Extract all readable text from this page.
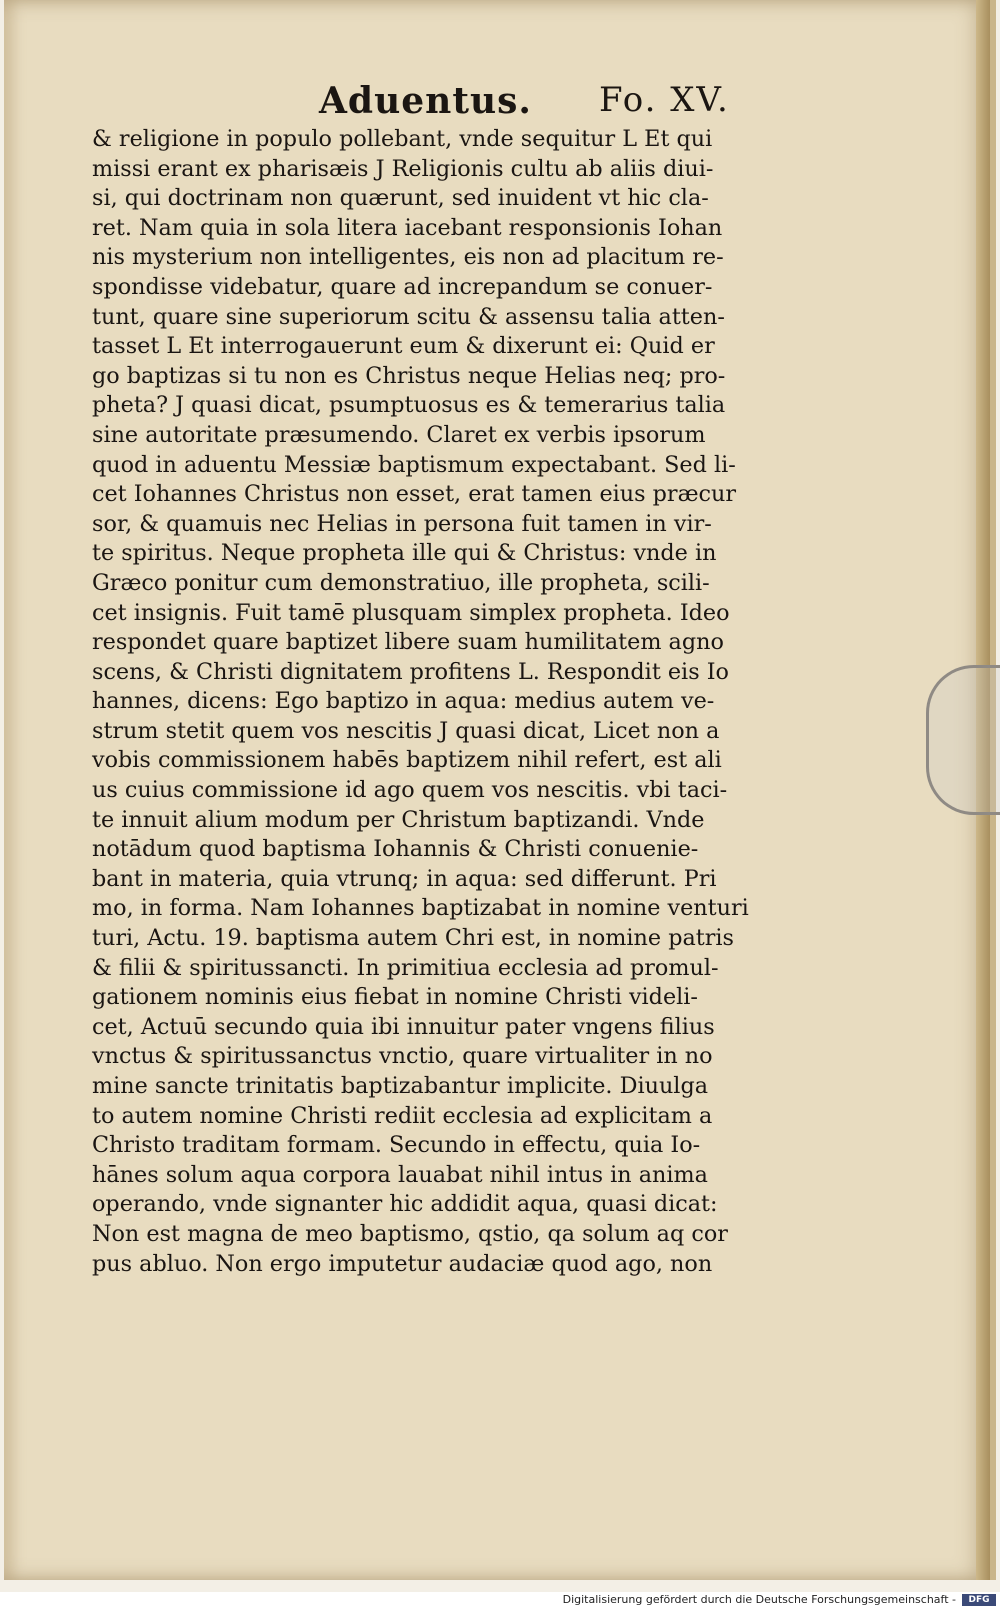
Aduentus. Fo. XV.
& religione in populo pollebant, vnde sequitur L Et qui
missi erant ex pharisæis J Religionis cultu ab aliis diui-
si, qui doctrinam non quærunt, sed inuident vt hic cla-
ret. Nam quia in sola litera iacebant responsionis Iohan
nis mysterium non intelligentes, eis non ad placitum re-
spondisse videbatur, quare ad increpandum se conuer-
tunt, quare sine superiorum scitu & assensu talia atten-
tasset L Et interrogauerunt eum & dixerunt ei: Quid er
go baptizas si tu non es Christus neque Helias neq; pro-
pheta? J quasi dicat, psumptuosus es & temerarius talia
sine autoritate præsumendo. Claret ex verbis ipsorum
quod in aduentu Messiæ baptismum expectabant. Sed li-
cet Iohannes Christus non esset, erat tamen eius præcur
sor, & quamuis nec Helias in persona fuit tamen in vir-
te spiritus. Neque propheta ille qui & Christus: vnde in
Græco ponitur cum demonstratiuo, ille propheta, scili-
cet insignis. Fuit tamē plusquam simplex propheta. Ideo
respondet quare baptizet libere suam humilitatem agno
scens, & Christi dignitatem profitens L. Respondit eis Io
hannes, dicens: Ego baptizo in aqua: medius autem ve-
strum stetit quem vos nescitis J quasi dicat, Licet non a
vobis commissionem habēs baptizem nihil refert, est ali
us cuius commissione id ago quem vos nescitis. vbi taci-
te innuit alium modum per Christum baptizandi. Vnde
notādum quod baptisma Iohannis & Christi conuenie-
bant in materia, quia vtrunq; in aqua: sed differunt. Pri
mo, in forma. Nam Iohannes baptizabat in nomine venturi
turi, Actu. 19. baptisma autem Chri est, in nomine patris
& filii & spiritussancti. In primitiua ecclesia ad promul-
gationem nominis eius fiebat in nomine Christi videli-
cet, Actuū secundo quia ibi innuitur pater vngens filius
vnctus & spiritussanctus vnctio, quare virtualiter in no
mine sancte trinitatis baptizabantur implicite. Diuulga
to autem nomine Christi rediit ecclesia ad explicitam a
Christo traditam formam. Secundo in effectu, quia Io-
hānes solum aqua corpora lauabat nihil intus in anima
operando, vnde signanter hic addidit aqua, quasi dicat:
Non est magna de meo baptismo, qstio, qa solum aq cor
pus abluo. Non ergo imputetur audaciæ quod ago, non
Digitalisierung gefördert durch die Deutsche Forschungsgemeinschaft -	DFG
